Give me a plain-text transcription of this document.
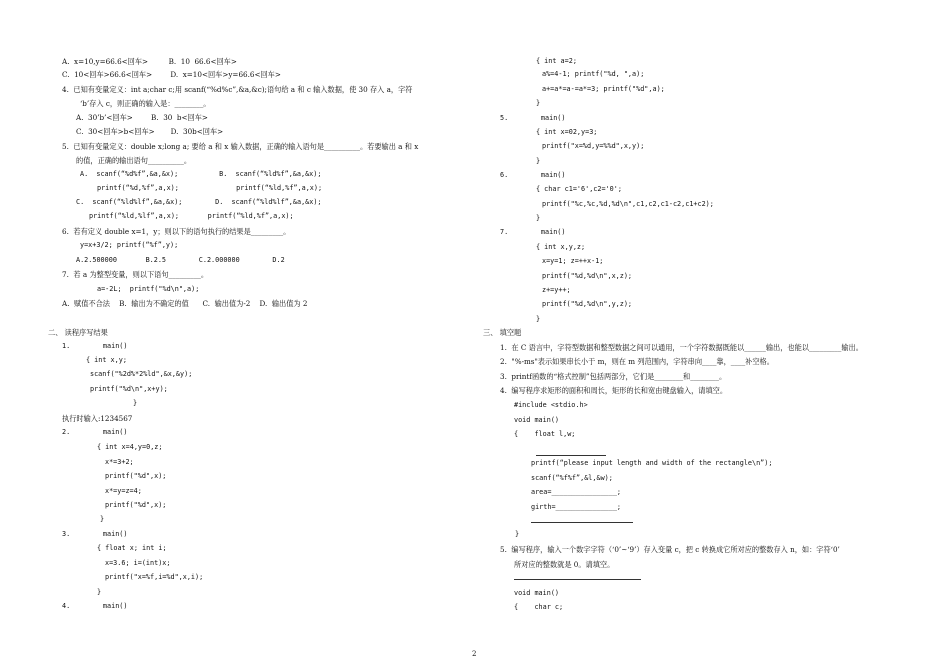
A.  x=10,y=66.6<回车>         B.  10  66.6<回车>
C.  10<回车>66.6<回车>        D.  x=10<回车>y=66.6<回车>
4.  已知有变量定义：int a;char c;用 scanf(“%d%c”,&a,&c);语句给 a 和 c 输入数据，使 30 存入 a，字符
‘b’存入 c，则正确的输入是：________。
A.  30’b’<回车>        B.  30  b<回车>
C.  30<回车>b<回车>       D.  30b<回车>
5.  已知有变量定义：double x;long a; 要给 a 和 x 输入数据，正确的输入语句是__________。若要输出 a 和 x
的值，正确的输出语句__________。
A.  scanf(“%d%f”,&a,&x);          B.  scanf(“%ld%f”,&a,&x);
printf(“%d,%f”,a,x);              printf(“%ld,%f”,a,x);
C.  scanf(“%ld%lf”,&a,&x);        D.  scanf(“%ld%lf”,&a,&x);
printf(“%ld,%lf”,a,x);       printf(“%ld,%f”,a,x);
6.  若有定义 double x=1，y；则以下的语句执行的结果是_________。
y=x+3/2; printf(“%f”,y);
A.2.500000       B.2.5        C.2.000000        D.2
7.  若 a 为整型变量，则以下语句_________。
a=-2L;  printf("%d\n",a);
A.  赋值不合法    B.  输出为不确定的值      C.  输出值为-2    D.  输出值为 2
二、 读程序写结果
1.        main()
{ int x,y;
scanf("%2d%*2%ld",&x,&y);
printf("%d\n",x+y);
}
执行时输入:1234567
2.        main()
{ int x=4,y=0,z;
x*=3+2;
printf("%d",x);
x*=y=z=4;
printf("%d",x);
}
3.        main()
{ float x; int i;
x=3.6; i=(int)x;
printf("x=%f,i=%d",x,i);
}
4.        main()
{ int a=2;
a%=4-1; printf("%d, ",a);
a+=a*=a-=a*=3; printf("%d",a);
}
5.        main()
{ int x=02,y=3;
printf("x=%d,y=%%d",x,y);
}
6.        main()
{ char c1='6',c2='0';
printf("%c,%c,%d,%d\n",c1,c2,c1-c2,c1+c2);
}
7.        main()
{ int x,y,z;
x=y=1; z=++x-1;
printf("%d,%d\n",x,z);
z+=y++;
printf("%d,%d\n",y,z);
}
三、 填空题
1.  在 C 语言中，字符型数据和整型数据之间可以通用，一个字符数据既能以______输出，也能以_________输出。
2.  "%-ms"表示如果串长小于 m，则在 m 列范围内，字符串向____靠，____补空格。
3.  printf函数的“格式控制”包括两部分，它们是________和________。
4.  编写程序求矩形的面积和周长，矩形的长和宽由键盘输入，请填空。
#include <stdio.h>
void main()
{    float l,w;
printf(“please input length and width of the rectangle\n”);
scanf(“%f%f”,&l,&w);
area=________________;
girth=_______________;
}
5.  编写程序，输入一个数字字符（‘0’~‘9’）存入变量 c，把 c 转换成它所对应的整数存入 n，如：字符‘0’
所对应的整数就是 0。请填空。
void main()
{    char c;
2
